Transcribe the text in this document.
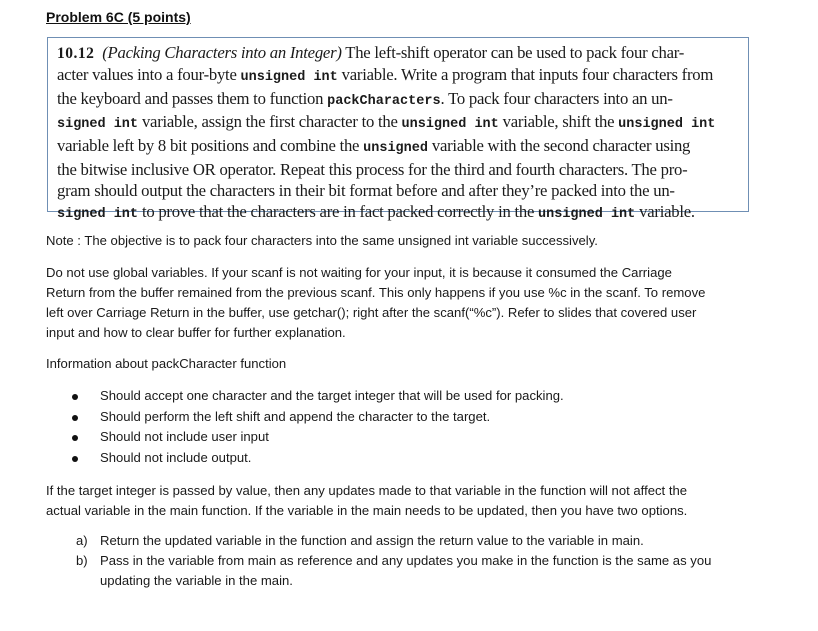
Problem 6C (5 points)
10.12 (Packing Characters into an Integer) The left-shift operator can be used to pack four char-
acter values into a four-byte unsigned int variable. Write a program that inputs four characters from
the keyboard and passes them to function packCharacters. To pack four characters into an un-
signed int variable, assign the first character to the unsigned int variable, shift the unsigned int
variable left by 8 bit positions and combine the unsigned variable with the second character using
the bitwise inclusive OR operator. Repeat this process for the third and fourth characters. The pro-
gram should output the characters in their bit format before and after they’re packed into the un-
signed int to prove that the characters are in fact packed correctly in the unsigned int variable.
Note : The objective is to pack four characters into the same unsigned int variable successively.
Do not use global variables. If your scanf is not waiting for your input, it is because it consumed the Carriage
Return from the buffer remained from the previous scanf. This only happens if you use %c in the scanf. To remove
left over Carriage Return in the buffer, use getchar(); right after the scanf(“%c”). Refer to slides that covered user
input and how to clear buffer for further explanation.
Information about packCharacter function
Should accept one character and the target integer that will be used for packing.
Should perform the left shift and append the character to the target.
Should not include user input
Should not include output.
If the target integer is passed by value, then any updates made to that variable in the function will not affect the
actual variable in the main function. If the variable in the main needs to be updated, then you have two options.
a) Return the updated variable in the function and assign the return value to the variable in main.
b) Pass in the variable from main as reference and any updates you make in the function is the same as you
updating the variable in the main.
